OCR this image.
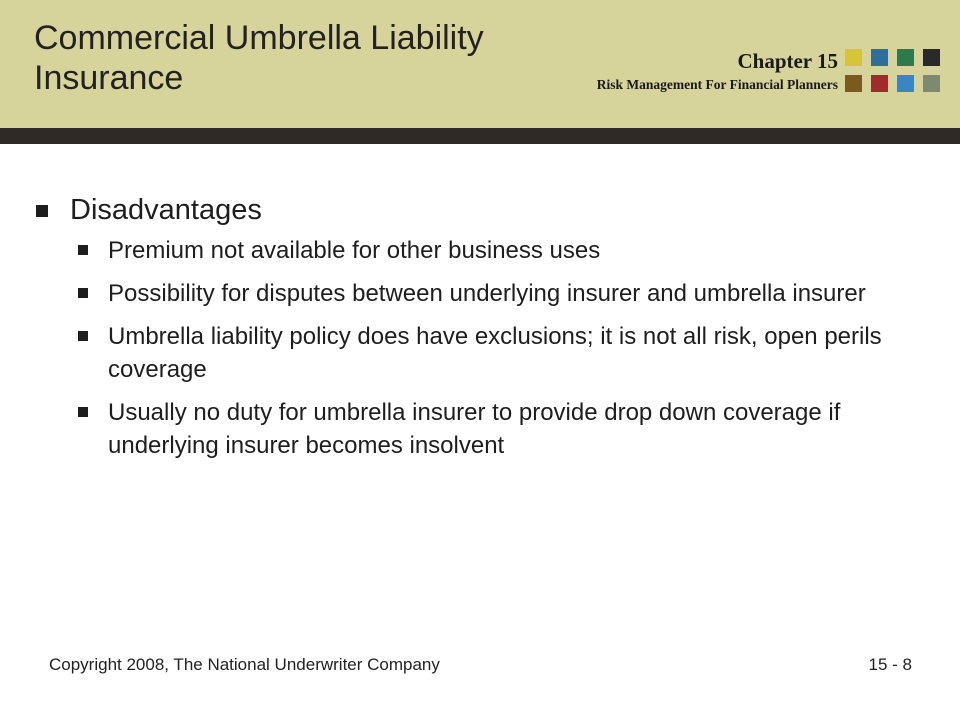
Commercial Umbrella Liability
Insurance	Chapter 15
Risk Management For Financial Planners
Disadvantages
Premium not available for other business uses
Possibility for disputes between underlying insurer and umbrella insurer
Umbrella liability policy does have exclusions; it is not all risk, open perils coverage
Usually no duty for umbrella insurer to provide drop down coverage if underlying insurer becomes insolvent
Copyright 2008, The National Underwriter Company	15 - 8
